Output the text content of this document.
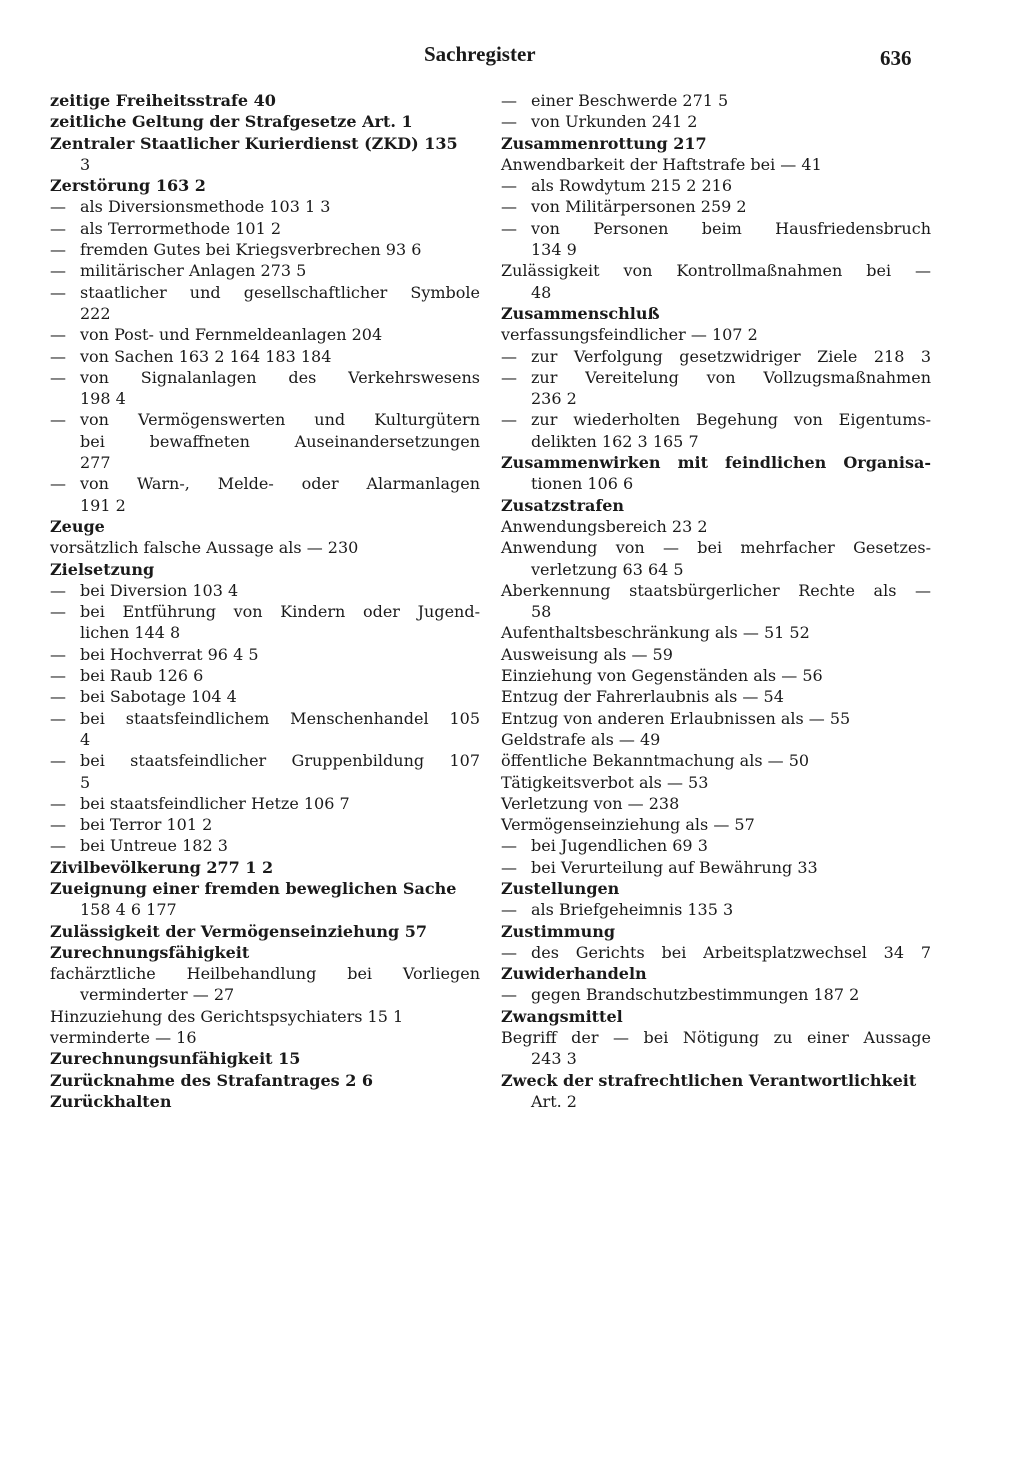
Sachregister	636
zeitige Freiheitsstrafe 40
zeitliche Geltung der Strafgesetze Art. 1
Zentraler Staatlicher Kurierdienst (ZKD) 135
3
Zerstörung 163 2
— als Diversionsmethode 103 1 3
— als Terrormethode 101 2
— fremden Gutes bei Kriegsverbrechen 93 6
— militärischer Anlagen 273 5
— staatlicher und gesellschaftlicher Symbole
222
— von Post- und Fernmeldeanlagen 204
— von Sachen 163 2 164 183 184
— von Signalanlagen des Verkehrswesens
198 4
— von Vermögenswerten und Kulturgütern
bei bewaffneten Auseinandersetzungen
277
— von Warn-, Melde- oder Alarmanlagen
191 2
Zeuge
vorsätzlich falsche Aussage als — 230
Zielsetzung
— bei Diversion 103 4
— bei Entführung von Kindern oder Jugend-
lichen 144 8
— bei Hochverrat 96 4 5
— bei Raub 126 6
— bei Sabotage 104 4
— bei staatsfeindlichem Menschenhandel 105
4
— bei staatsfeindlicher Gruppenbildung 107
5
— bei staatsfeindlicher Hetze 106 7
— bei Terror 101 2
— bei Untreue 182 3
Zivilbevölkerung 277 1 2
Zueignung einer fremden beweglichen Sache
158 4 6 177
Zulässigkeit der Vermögenseinziehung 57
Zurechnungsfähigkeit
fachärztliche Heilbehandlung bei Vorliegen
verminderter — 27
Hinzuziehung des Gerichtspsychiaters 15 1
verminderte — 16
Zurechnungsunfähigkeit 15
Zurücknahme des Strafantrages 2 6
Zurückhalten
— einer Beschwerde 271 5
— von Urkunden 241 2
Zusammenrottung 217
Anwendbarkeit der Haftstrafe bei — 41
— als Rowdytum 215 2 216
— von Militärpersonen 259 2
— von Personen beim Hausfriedensbruch
134 9
Zulässigkeit von Kontrollmaßnahmen bei —
48
Zusammenschluß
verfassungsfeindlicher — 107 2
— zur Verfolgung gesetzwidriger Ziele 218 3
— zur Vereitelung von Vollzugsmaßnahmen
236 2
— zur wiederholten Begehung von Eigentums-
delikten 162 3 165 7
Zusammenwirken mit feindlichen Organisa-
tionen 106 6
Zusatzstrafen
Anwendungsbereich 23 2
Anwendung von — bei mehrfacher Gesetzes-
verletzung 63 64 5
Aberkennung staatsbürgerlicher Rechte als —
58
Aufenthaltsbeschränkung als — 51 52
Ausweisung als — 59
Einziehung von Gegenständen als — 56
Entzug der Fahrerlaubnis als — 54
Entzug von anderen Erlaubnissen als — 55
Geldstrafe als — 49
öffentliche Bekanntmachung als — 50
Tätigkeitsverbot als — 53
Verletzung von — 238
Vermögenseinziehung als — 57
— bei Jugendlichen 69 3
— bei Verurteilung auf Bewährung 33
Zustellungen
— als Briefgeheimnis 135 3
Zustimmung
— des Gerichts bei Arbeitsplatzwechsel 34 7
Zuwiderhandeln
— gegen Brandschutzbestimmungen 187 2
Zwangsmittel
Begriff der — bei Nötigung zu einer Aussage
243 3
Zweck der strafrechtlichen Verantwortlichkeit
Art. 2
